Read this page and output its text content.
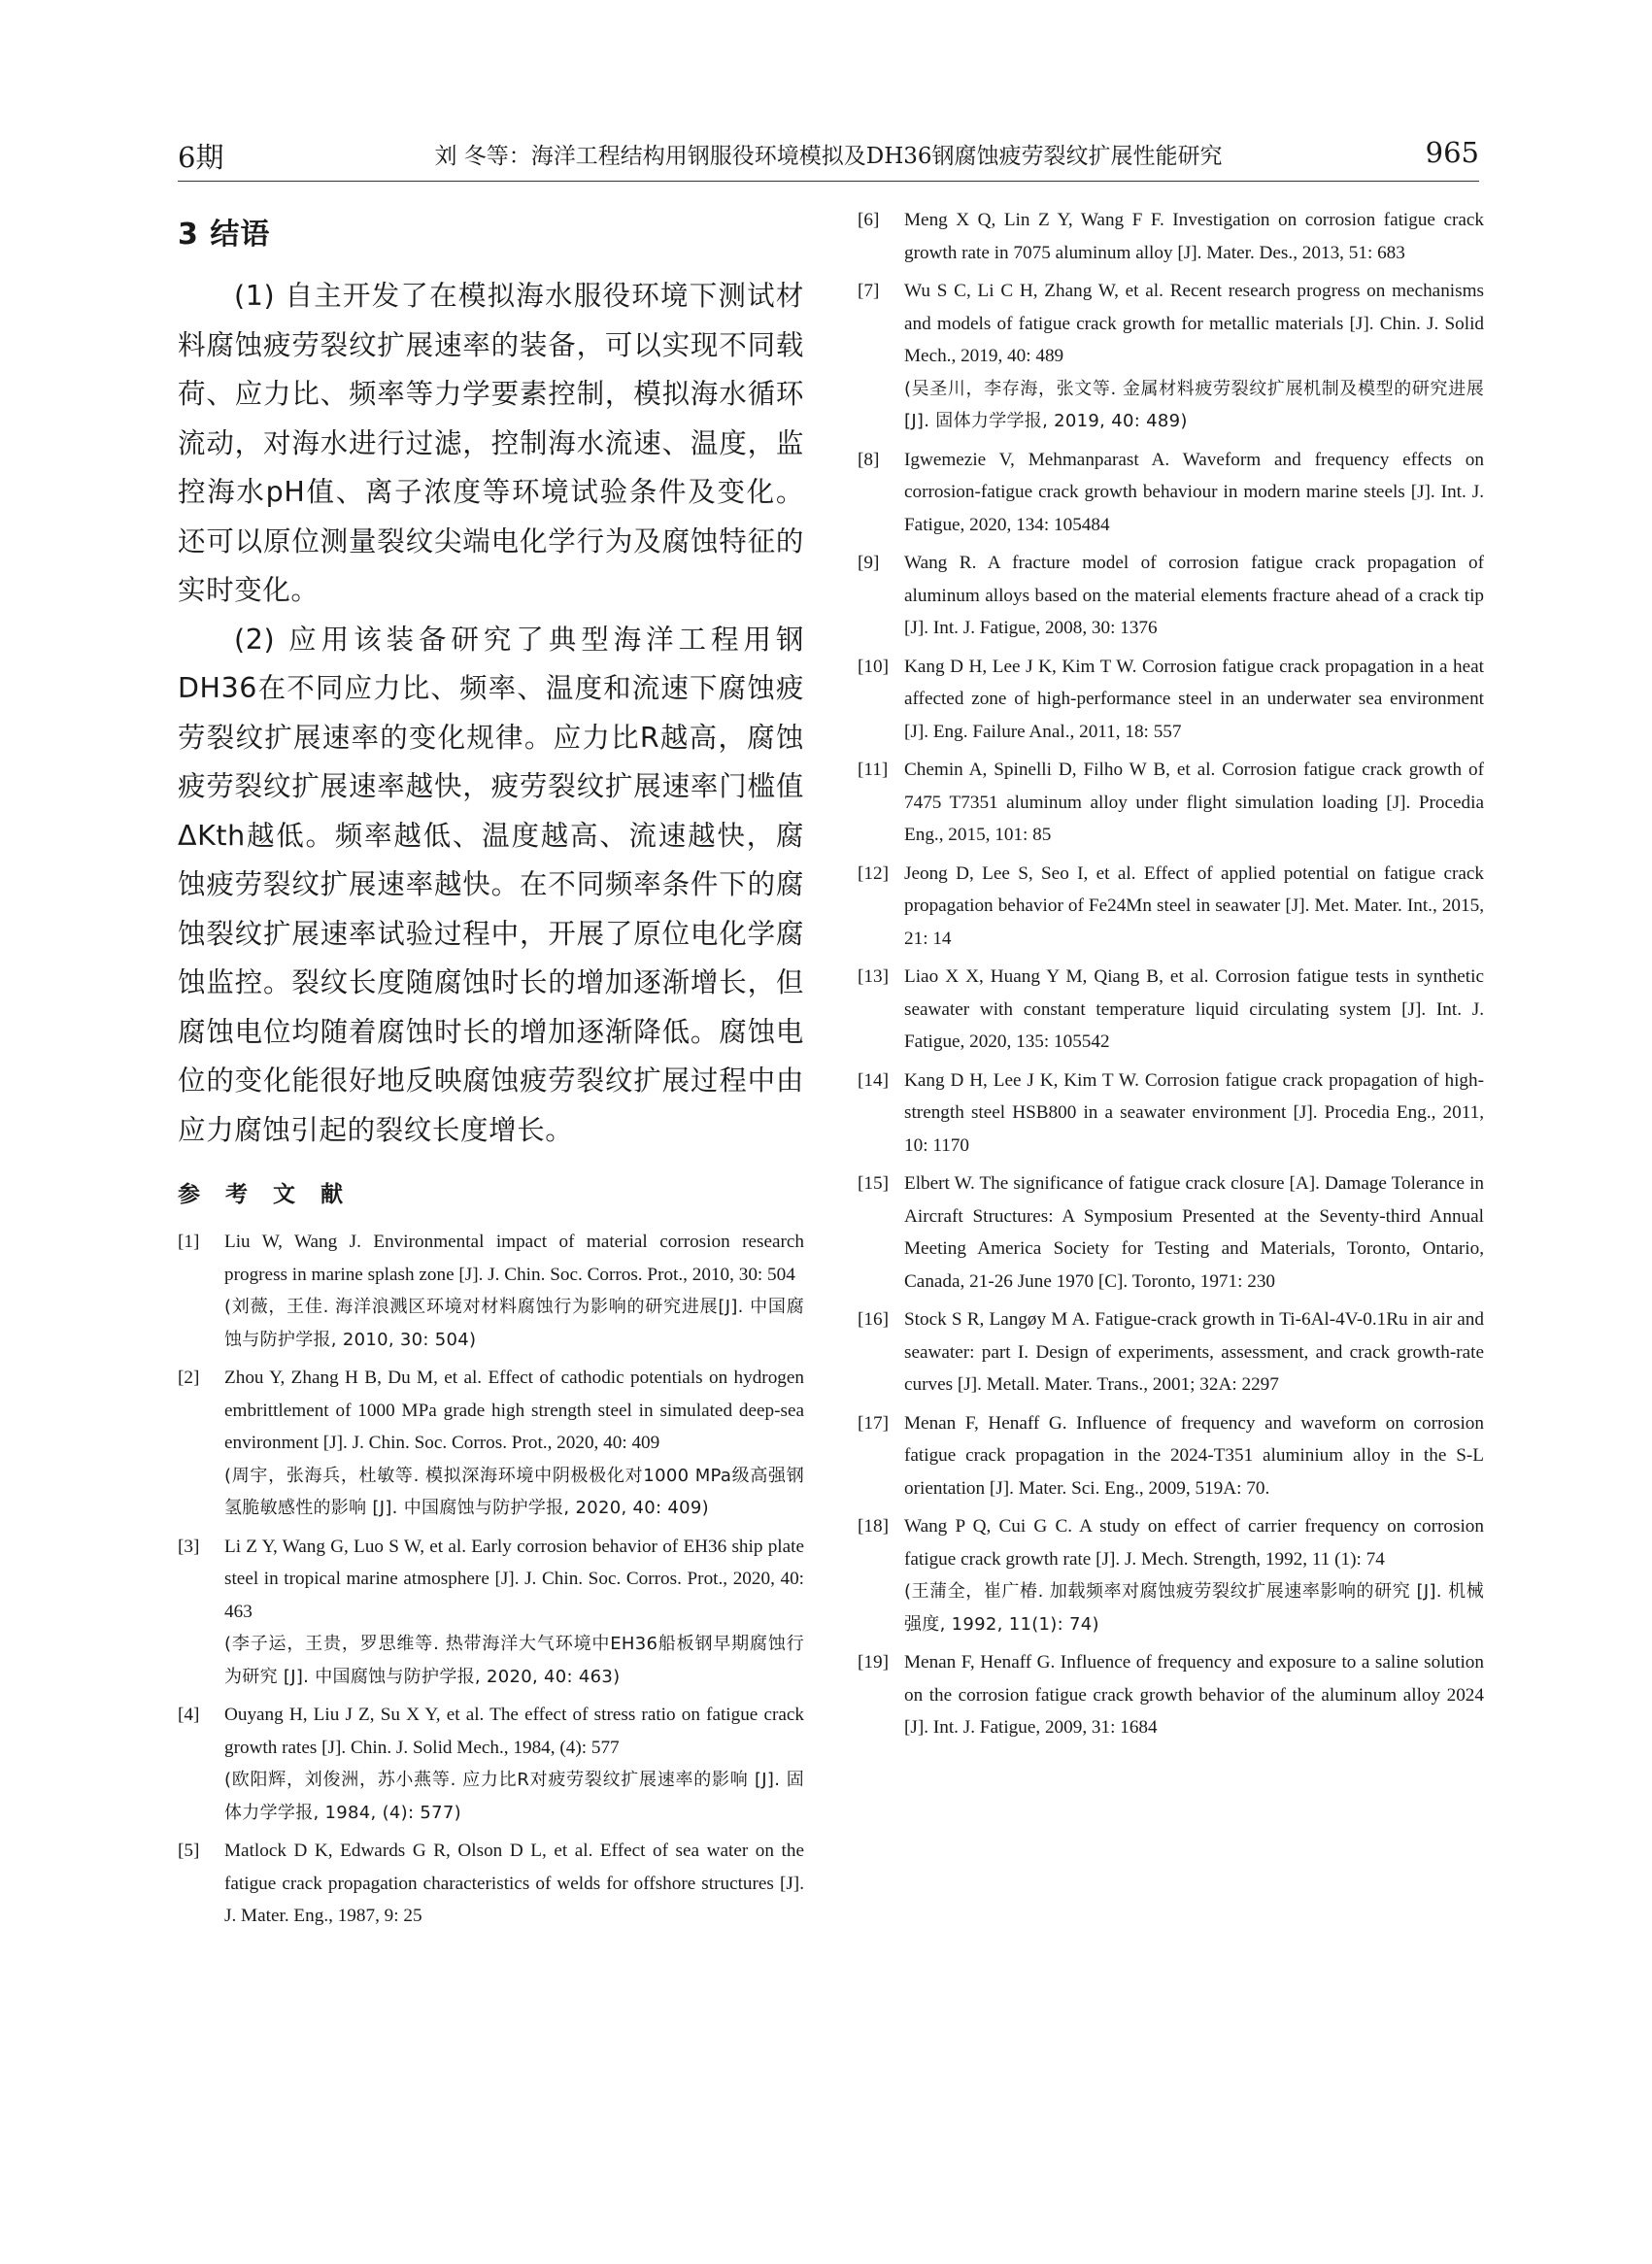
6期	刘 冬等：海洋工程结构用钢服役环境模拟及DH36钢腐蚀疲劳裂纹扩展性能研究	965
3 结语

(1) 自主开发了在模拟海水服役环境下测试材料腐蚀疲劳裂纹扩展速率的装备，可以实现不同载荷、应力比、频率等力学要素控制，模拟海水循环流动，对海水进行过滤，控制海水流速、温度，监控海水pH值、离子浓度等环境试验条件及变化。还可以原位测量裂纹尖端电化学行为及腐蚀特征的实时变化。

(2) 应用该装备研究了典型海洋工程用钢DH36在不同应力比、频率、温度和流速下腐蚀疲劳裂纹扩展速率的变化规律。应力比R越高，腐蚀疲劳裂纹扩展速率越快，疲劳裂纹扩展速率门槛值ΔKth越低。频率越低、温度越高、流速越快，腐蚀疲劳裂纹扩展速率越快。在不同频率条件下的腐蚀裂纹扩展速率试验过程中，开展了原位电化学腐蚀监控。裂纹长度随腐蚀时长的增加逐渐增长，但腐蚀电位均随着腐蚀时长的增加逐渐降低。腐蚀电位的变化能很好地反映腐蚀疲劳裂纹扩展过程中由应力腐蚀引起的裂纹长度增长。

参 考 文 献
[1] Liu W, Wang J. Environmental impact of material corrosion research progress in marine splash zone [J]. J. Chin. Soc. Corros. Prot., 2010, 30: 504
(刘薇，王佳. 海洋浪溅区环境对材料腐蚀行为影响的研究进展[J]. 中国腐蚀与防护学报, 2010, 30: 504)
[2] Zhou Y, Zhang H B, Du M, et al. Effect of cathodic potentials on hydrogen embrittlement of 1000 MPa grade high strength steel in simulated deep-sea environment [J]. J. Chin. Soc. Corros. Prot., 2020, 40: 409
(周宇，张海兵，杜敏等. 模拟深海环境中阴极极化对1000 MPa级高强钢氢脆敏感性的影响 [J]. 中国腐蚀与防护学报, 2020, 40: 409)
[3] Li Z Y, Wang G, Luo S W, et al. Early corrosion behavior of EH36 ship plate steel in tropical marine atmosphere [J]. J. Chin. Soc. Corros. Prot., 2020, 40: 463
(李子运，王贵，罗思维等. 热带海洋大气环境中EH36船板钢早期腐蚀行为研究 [J]. 中国腐蚀与防护学报, 2020, 40: 463)
[4] Ouyang H, Liu J Z, Su X Y, et al. The effect of stress ratio on fatigue crack growth rates [J]. Chin. J. Solid Mech., 1984, (4): 577
(欧阳辉，刘俊洲，苏小燕等. 应力比R对疲劳裂纹扩展速率的影响 [J]. 固体力学学报, 1984, (4): 577)
[5] Matlock D K, Edwards G R, Olson D L, et al. Effect of sea water on the fatigue crack propagation characteristics of welds for offshore structures [J]. J. Mater. Eng., 1987, 9: 25
[6] Meng X Q, Lin Z Y, Wang F F. Investigation on corrosion fatigue crack growth rate in 7075 aluminum alloy [J]. Mater. Des., 2013, 51: 683
[7] Wu S C, Li C H, Zhang W, et al. Recent research progress on mechanisms and models of fatigue crack growth for metallic materials [J]. Chin. J. Solid Mech., 2019, 40: 489
(吴圣川，李存海，张文等. 金属材料疲劳裂纹扩展机制及模型的研究进展 [J]. 固体力学学报, 2019, 40: 489)
[8] Igwemezie V, Mehmanparast A. Waveform and frequency effects on corrosion-fatigue crack growth behaviour in modern marine steels [J]. Int. J. Fatigue, 2020, 134: 105484
[9] Wang R. A fracture model of corrosion fatigue crack propagation of aluminum alloys based on the material elements fracture ahead of a crack tip [J]. Int. J. Fatigue, 2008, 30: 1376
[10] Kang D H, Lee J K, Kim T W. Corrosion fatigue crack propagation in a heat affected zone of high-performance steel in an underwater sea environment [J]. Eng. Failure Anal., 2011, 18: 557
[11] Chemin A, Spinelli D, Filho W B, et al. Corrosion fatigue crack growth of 7475 T7351 aluminum alloy under flight simulation loading [J]. Procedia Eng., 2015, 101: 85
[12] Jeong D, Lee S, Seo I, et al. Effect of applied potential on fatigue crack propagation behavior of Fe24Mn steel in seawater [J]. Met. Mater. Int., 2015, 21: 14
[13] Liao X X, Huang Y M, Qiang B, et al. Corrosion fatigue tests in synthetic seawater with constant temperature liquid circulating system [J]. Int. J. Fatigue, 2020, 135: 105542
[14] Kang D H, Lee J K, Kim T W. Corrosion fatigue crack propagation of high-strength steel HSB800 in a seawater environment [J]. Procedia Eng., 2011, 10: 1170
[15] Elbert W. The significance of fatigue crack closure [A]. Damage Tolerance in Aircraft Structures: A Symposium Presented at the Seventy-third Annual Meeting America Society for Testing and Materials, Toronto, Ontario, Canada, 21-26 June 1970 [C]. Toronto, 1971: 230
[16] Stock S R, Langøy M A. Fatigue-crack growth in Ti-6Al-4V-0.1Ru in air and seawater: part I. Design of experiments, assessment, and crack growth-rate curves [J]. Metall. Mater. Trans., 2001; 32A: 2297
[17] Menan F, Henaff G. Influence of frequency and waveform on corrosion fatigue crack propagation in the 2024-T351 aluminium alloy in the S-L orientation [J]. Mater. Sci. Eng., 2009, 519A: 70.
[18] Wang P Q, Cui G C. A study on effect of carrier frequency on corrosion fatigue crack growth rate [J]. J. Mech. Strength, 1992, 11 (1): 74
(王蒲全，崔广椿. 加载频率对腐蚀疲劳裂纹扩展速率影响的研究 [J]. 机械强度, 1992, 11(1): 74)
[19] Menan F, Henaff G. Influence of frequency and exposure to a saline solution on the corrosion fatigue crack growth behavior of the aluminum alloy 2024 [J]. Int. J. Fatigue, 2009, 31: 1684
